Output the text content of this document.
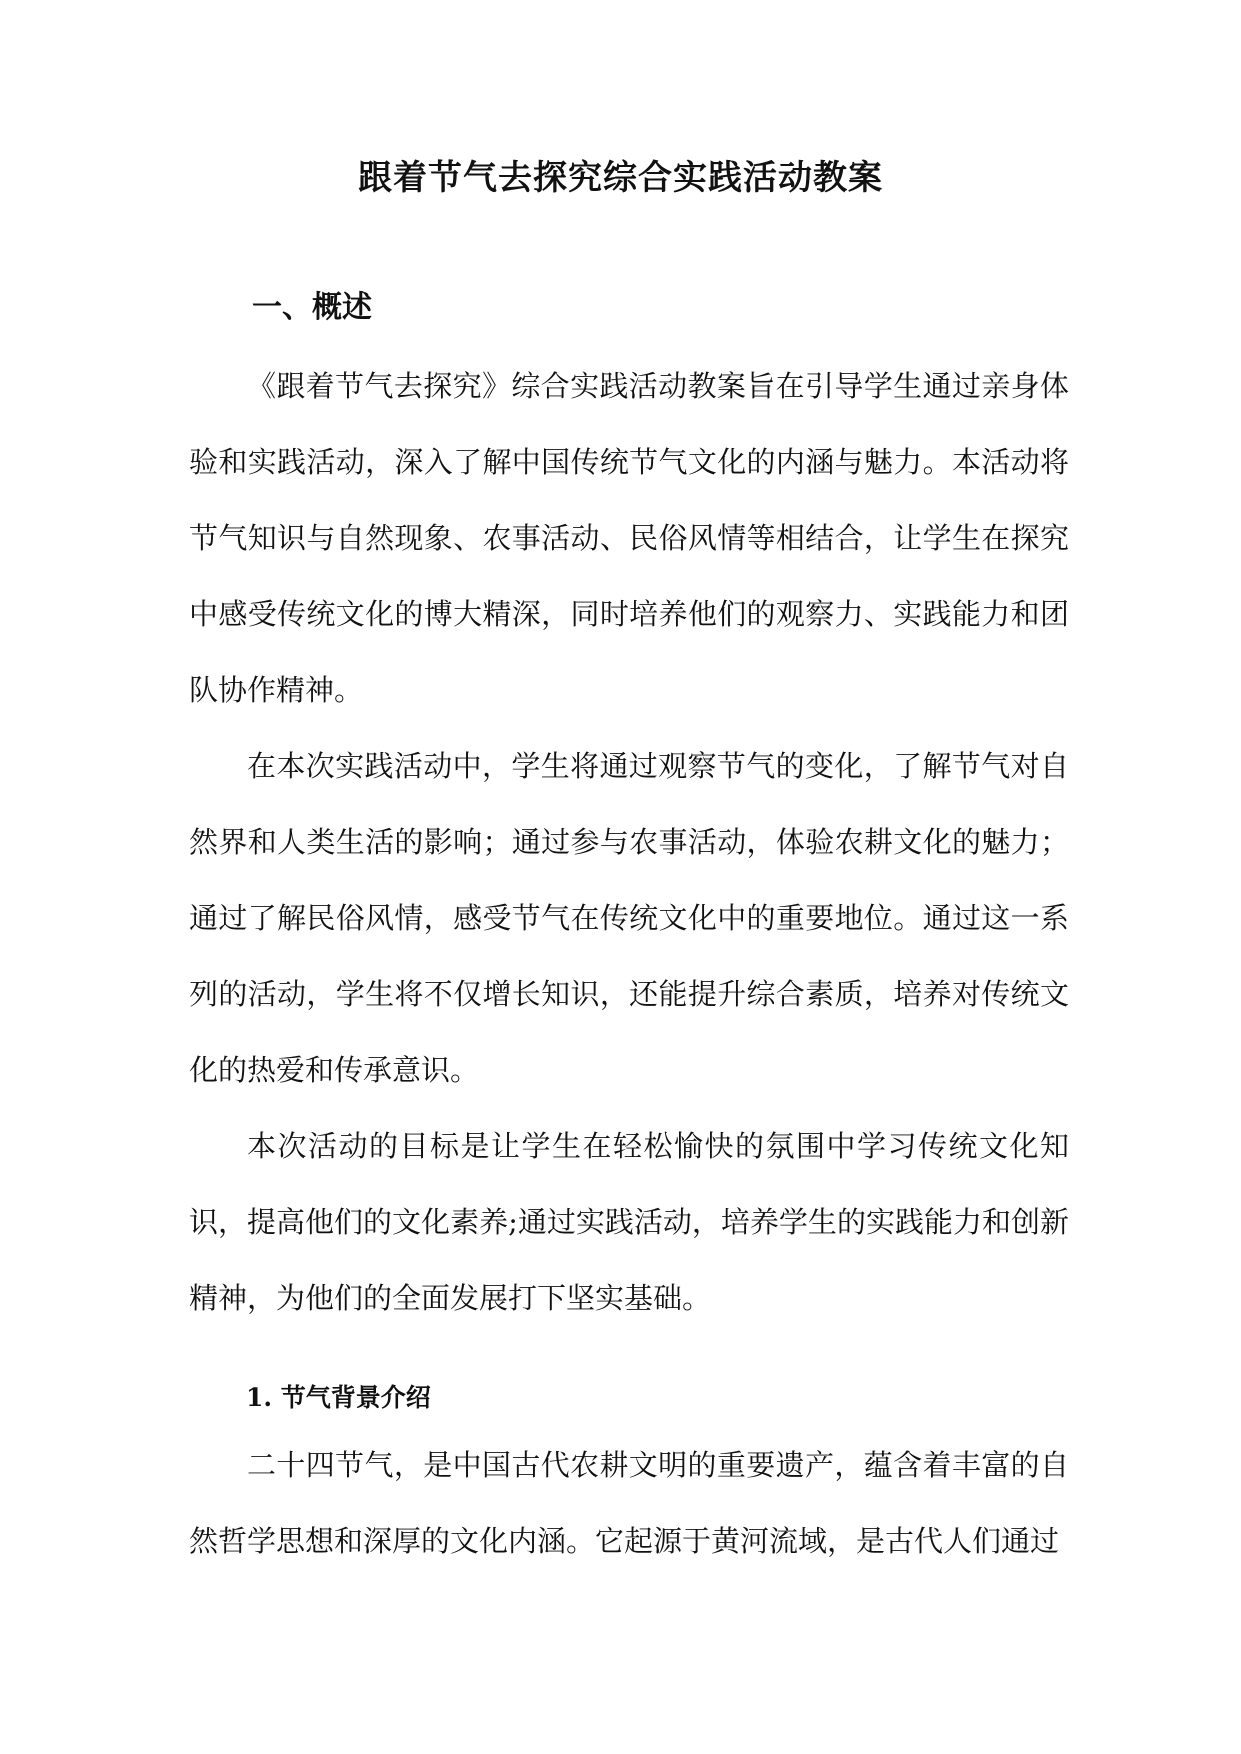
跟着节气去探究综合实践活动教案
一、概述

《跟着节气去探究》综合实践活动教案旨在引导学生通过亲身体验和实践活动，深入了解中国传统节气文化的内涵与魅力。本活动将节气知识与自然现象、农事活动、民俗风情等相结合，让学生在探究中感受传统文化的博大精深，同时培养他们的观察力、实践能力和团队协作精神。

在本次实践活动中，学生将通过观察节气的变化，了解节气对自然界和人类生活的影响；通过参与农事活动，体验农耕文化的魅力；通过了解民俗风情，感受节气在传统文化中的重要地位。通过这一系列的活动，学生将不仅增长知识，还能提升综合素质，培养对传统文化的热爱和传承意识。

本次活动的目标是让学生在轻松愉快的氛围中学习传统文化知识，提高他们的文化素养;通过实践活动，培养学生的实践能力和创新精神，为他们的全面发展打下坚实基础。

1. 节气背景介绍

二十四节气，是中国古代农耕文明的重要遗产，蕴含着丰富的自然哲学思想和深厚的文化内涵。它起源于黄河流域，是古代人们通过
